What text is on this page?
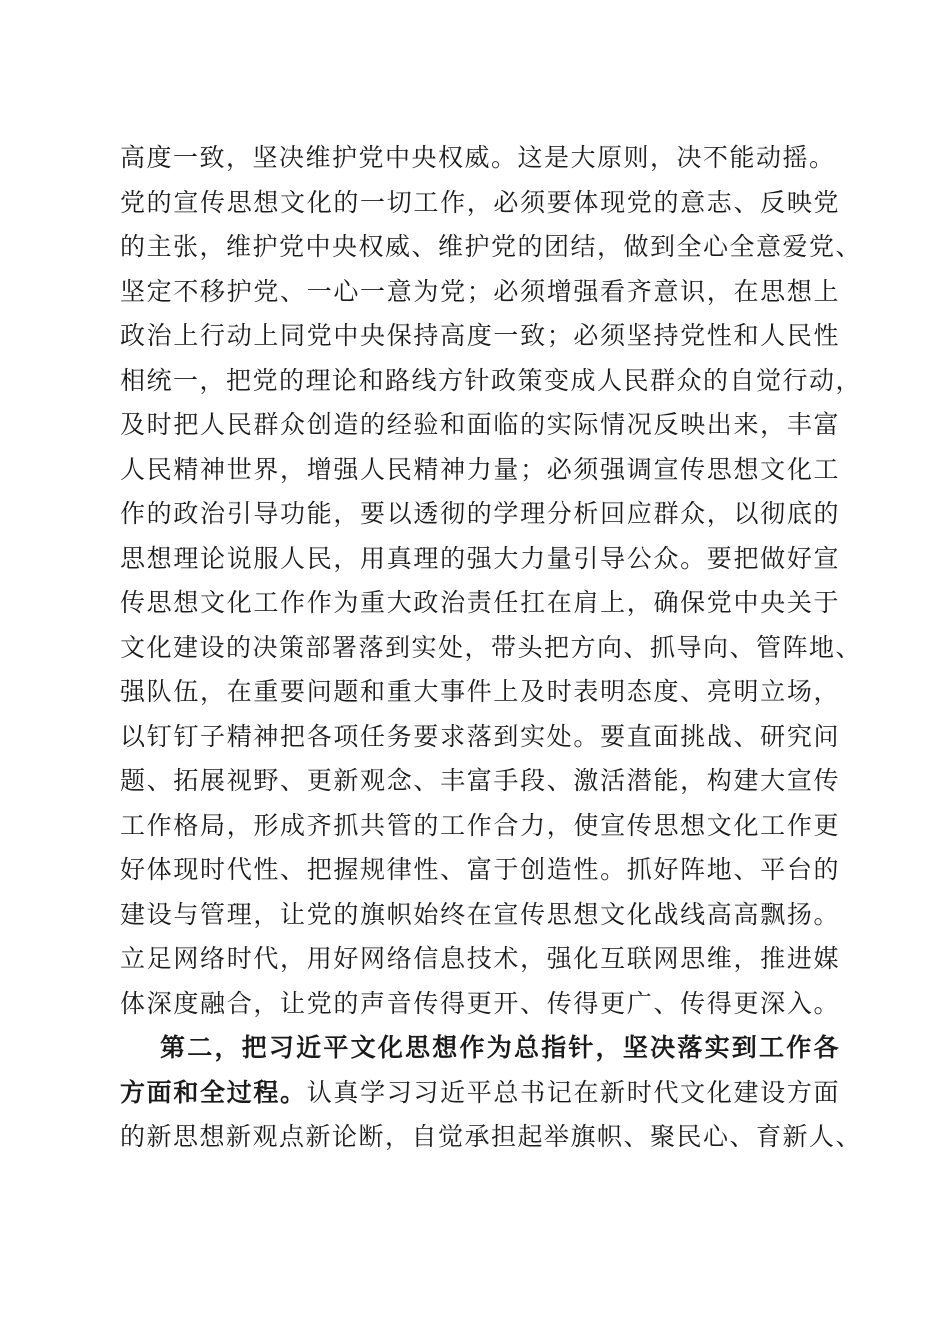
高度一致，坚决维护党中央权威。这是大原则，决不能动摇。
党的宣传思想文化的一切工作，必须要体现党的意志、反映党
的主张，维护党中央权威、维护党的团结，做到全心全意爱党、
坚定不移护党、一心一意为党；必须增强看齐意识，在思想上
政治上行动上同党中央保持高度一致；必须坚持党性和人民性
相统一，把党的理论和路线方针政策变成人民群众的自觉行动，
及时把人民群众创造的经验和面临的实际情况反映出来，丰富
人民精神世界，增强人民精神力量；必须强调宣传思想文化工
作的政治引导功能，要以透彻的学理分析回应群众，以彻底的
思想理论说服人民，用真理的强大力量引导公众。要把做好宣
传思想文化工作作为重大政治责任扛在肩上，确保党中央关于
文化建设的决策部署落到实处，带头把方向、抓导向、管阵地、
强队伍，在重要问题和重大事件上及时表明态度、亮明立场，
以钉钉子精神把各项任务要求落到实处。要直面挑战、研究问
题、拓展视野、更新观念、丰富手段、激活潜能，构建大宣传
工作格局，形成齐抓共管的工作合力，使宣传思想文化工作更
好体现时代性、把握规律性、富于创造性。抓好阵地、平台的
建设与管理，让党的旗帜始终在宣传思想文化战线高高飘扬。
立足网络时代，用好网络信息技术，强化互联网思维，推进媒
体深度融合，让党的声音传得更开、传得更广、传得更深入。
第二，把习近平文化思想作为总指针，坚决落实到工作各
方面和全过程。认真学习习近平总书记在新时代文化建设方面
的新思想新观点新论断，自觉承担起举旗帜、聚民心、育新人、
